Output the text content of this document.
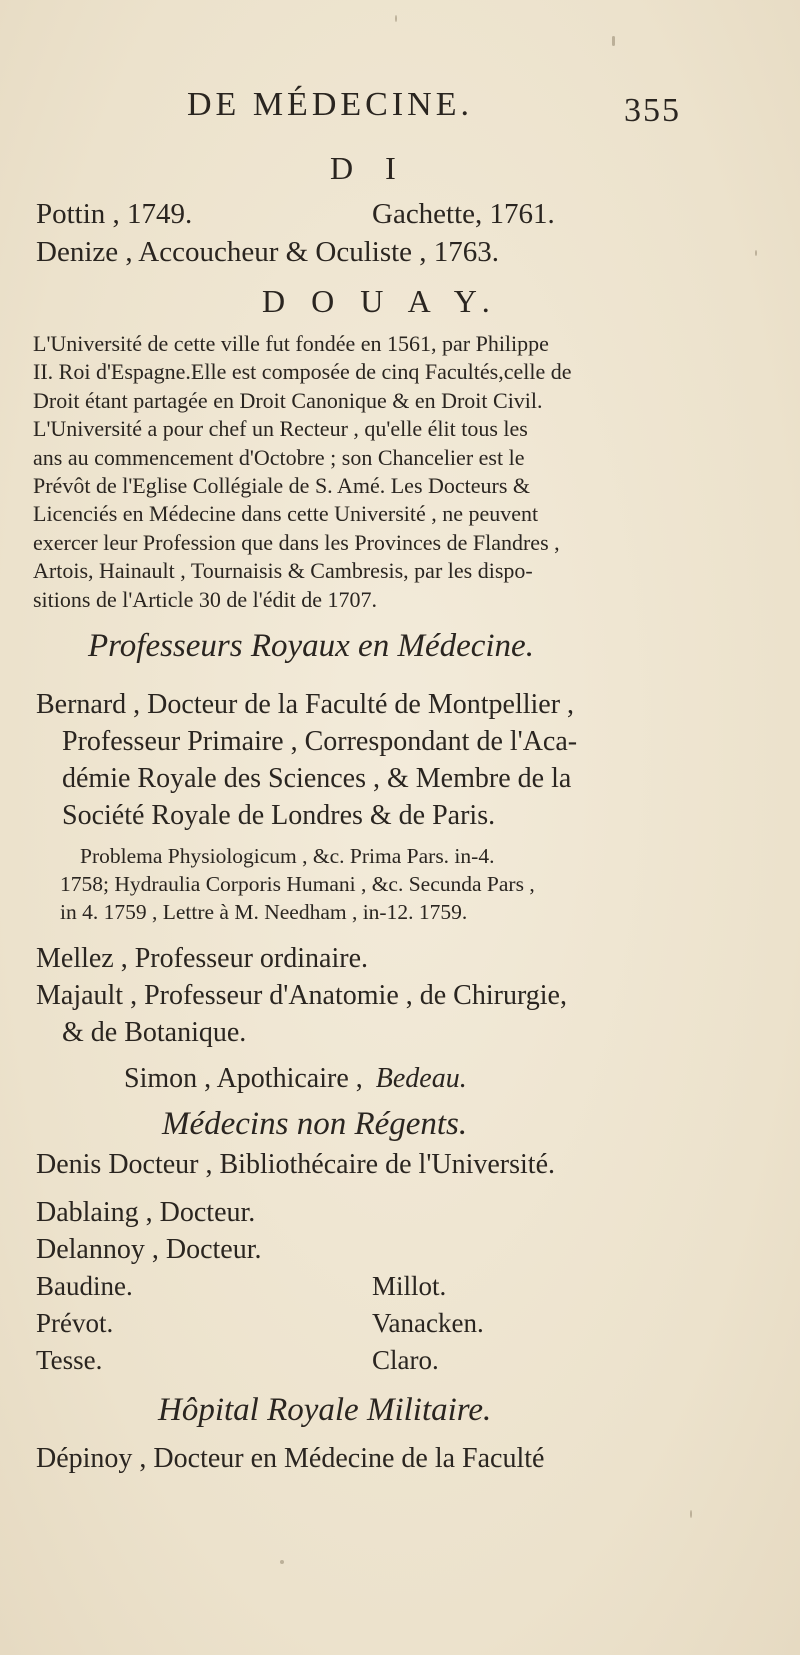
DE MÉDECINE.	355
D I
Pottin , 1749.	Gachette, 1761.
Denize , Accoucheur & Oculiste , 1763.
D O U A Y.
L'Université de cette ville fut fondée en 1561, par Philippe
II. Roi d'Espagne.Elle est composée de cinq Facultés,celle de
Droit étant partagée en Droit Canonique & en Droit Civil.
L'Université a pour chef un Recteur , qu'elle élit tous les
ans au commencement d'Octobre ; son Chancelier est le
Prévôt de l'Eglise Collégiale de S. Amé. Les Docteurs &
Licenciés en Médecine dans cette Université , ne peuvent
exercer leur Profession que dans les Provinces de Flandres ,
Artois, Hainault , Tournaisis & Cambresis, par les dispo-
sitions de l'Article 30 de l'édit de 1707.
Professeurs Royaux en Médecine.
Bernard , Docteur de la Faculté de Montpellier ,
Professeur Primaire , Correspondant de l'Aca-
démie Royale des Sciences , & Membre de la
Société Royale de Londres & de Paris.
Problema Physiologicum , &c. Prima Pars. in-4.
1758; Hydraulia Corporis Humani , &c. Secunda Pars ,
in 4. 1759 , Lettre à M. Needham , in-12. 1759.
Mellez , Professeur ordinaire.
Majault , Professeur d'Anatomie , de Chirurgie,
& de Botanique.
Simon , Apothicaire , Bedeau.
Médecins non Régents.
Denis Docteur , Bibliothécaire de l'Université.
Dablaing , Docteur.
Delannoy , Docteur.
Baudine.	Millot.
Prévot.	Vanacken.
Tesse.	Claro.
Hôpital Royale Militaire.
Dépinoy , Docteur en Médecine de la Faculté
